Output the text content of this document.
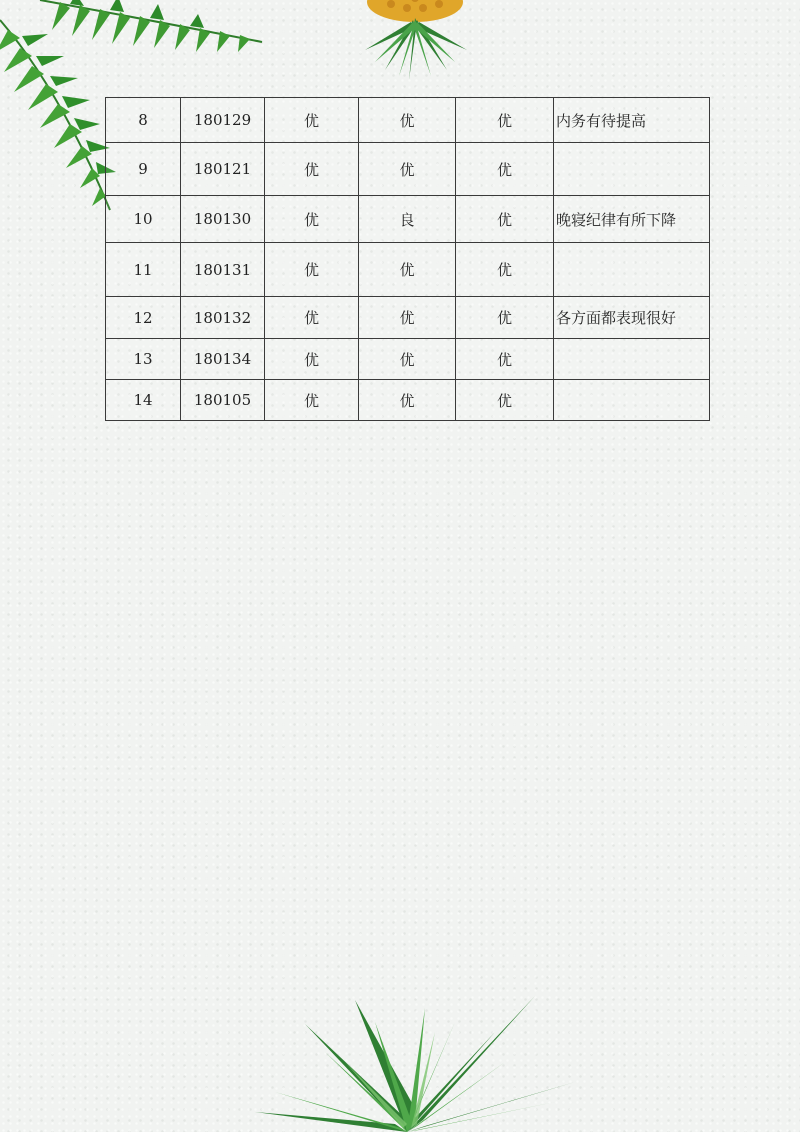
8	180129	优	优	优	内务有待提高
9	180121	优	优	优	
10	180130	优	良	优	晚寝纪律有所下降
11	180131	优	优	优	
12	180132	优	优	优	各方面都表现很好
13	180134	优	优	优	
14	180105	优	优	优	
